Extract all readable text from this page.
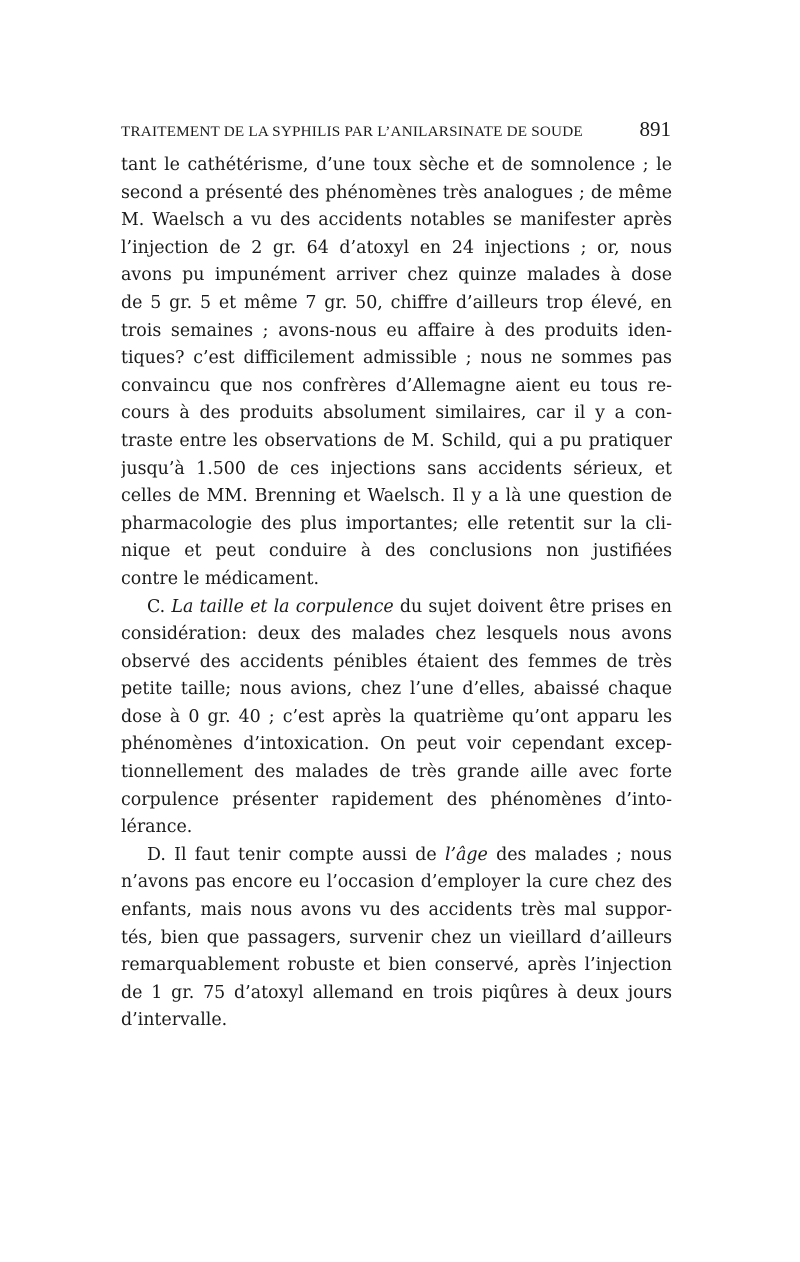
TRAITEMENT DE LA SYPHILIS PAR L’ANILARSINATE DE SOUDE	891
tant le cathétérisme, d’une toux sèche et de somnolence ; le
second a présenté des phénomènes très analogues ; de même
M. Waelsch a vu des accidents notables se manifester après
l’injection de 2 gr. 64 d’atoxyl en 24 injections ; or, nous
avons pu impunément arriver chez quinze malades à dose
de 5 gr. 5 et même 7 gr. 50, chiffre d’ailleurs trop élevé, en
trois semaines ; avons-nous eu affaire à des produits iden-
tiques? c’est difficilement admissible ; nous ne sommes pas
convaincu que nos confrères d’Allemagne aient eu tous re-
cours à des produits absolument similaires, car il y a con-
traste entre les observations de M. Schild, qui a pu pratiquer
jusqu’à 1.500 de ces injections sans accidents sérieux, et
celles de MM. Brenning et Waelsch. Il y a là une question de
pharmacologie des plus importantes; elle retentit sur la cli-
nique et peut conduire à des conclusions non justifiées
contre le médicament.
C. La taille et la corpulence du sujet doivent être prises en
considération: deux des malades chez lesquels nous avons
observé des accidents pénibles étaient des femmes de très
petite taille; nous avions, chez l’une d’elles, abaissé chaque
dose à 0 gr. 40 ; c’est après la quatrième qu’ont apparu les
phénomènes d’intoxication. On peut voir cependant excep-
tionnellement des malades de très grande aille avec forte
corpulence présenter rapidement des phénomènes d’into-
lérance.
D. Il faut tenir compte aussi de l’âge des malades ; nous
n’avons pas encore eu l’occasion d’employer la cure chez des
enfants, mais nous avons vu des accidents très mal suppor-
tés, bien que passagers, survenir chez un vieillard d’ailleurs
remarquablement robuste et bien conservé, après l’injection
de 1 gr. 75 d’atoxyl allemand en trois piqûres à deux jours
d’intervalle.
